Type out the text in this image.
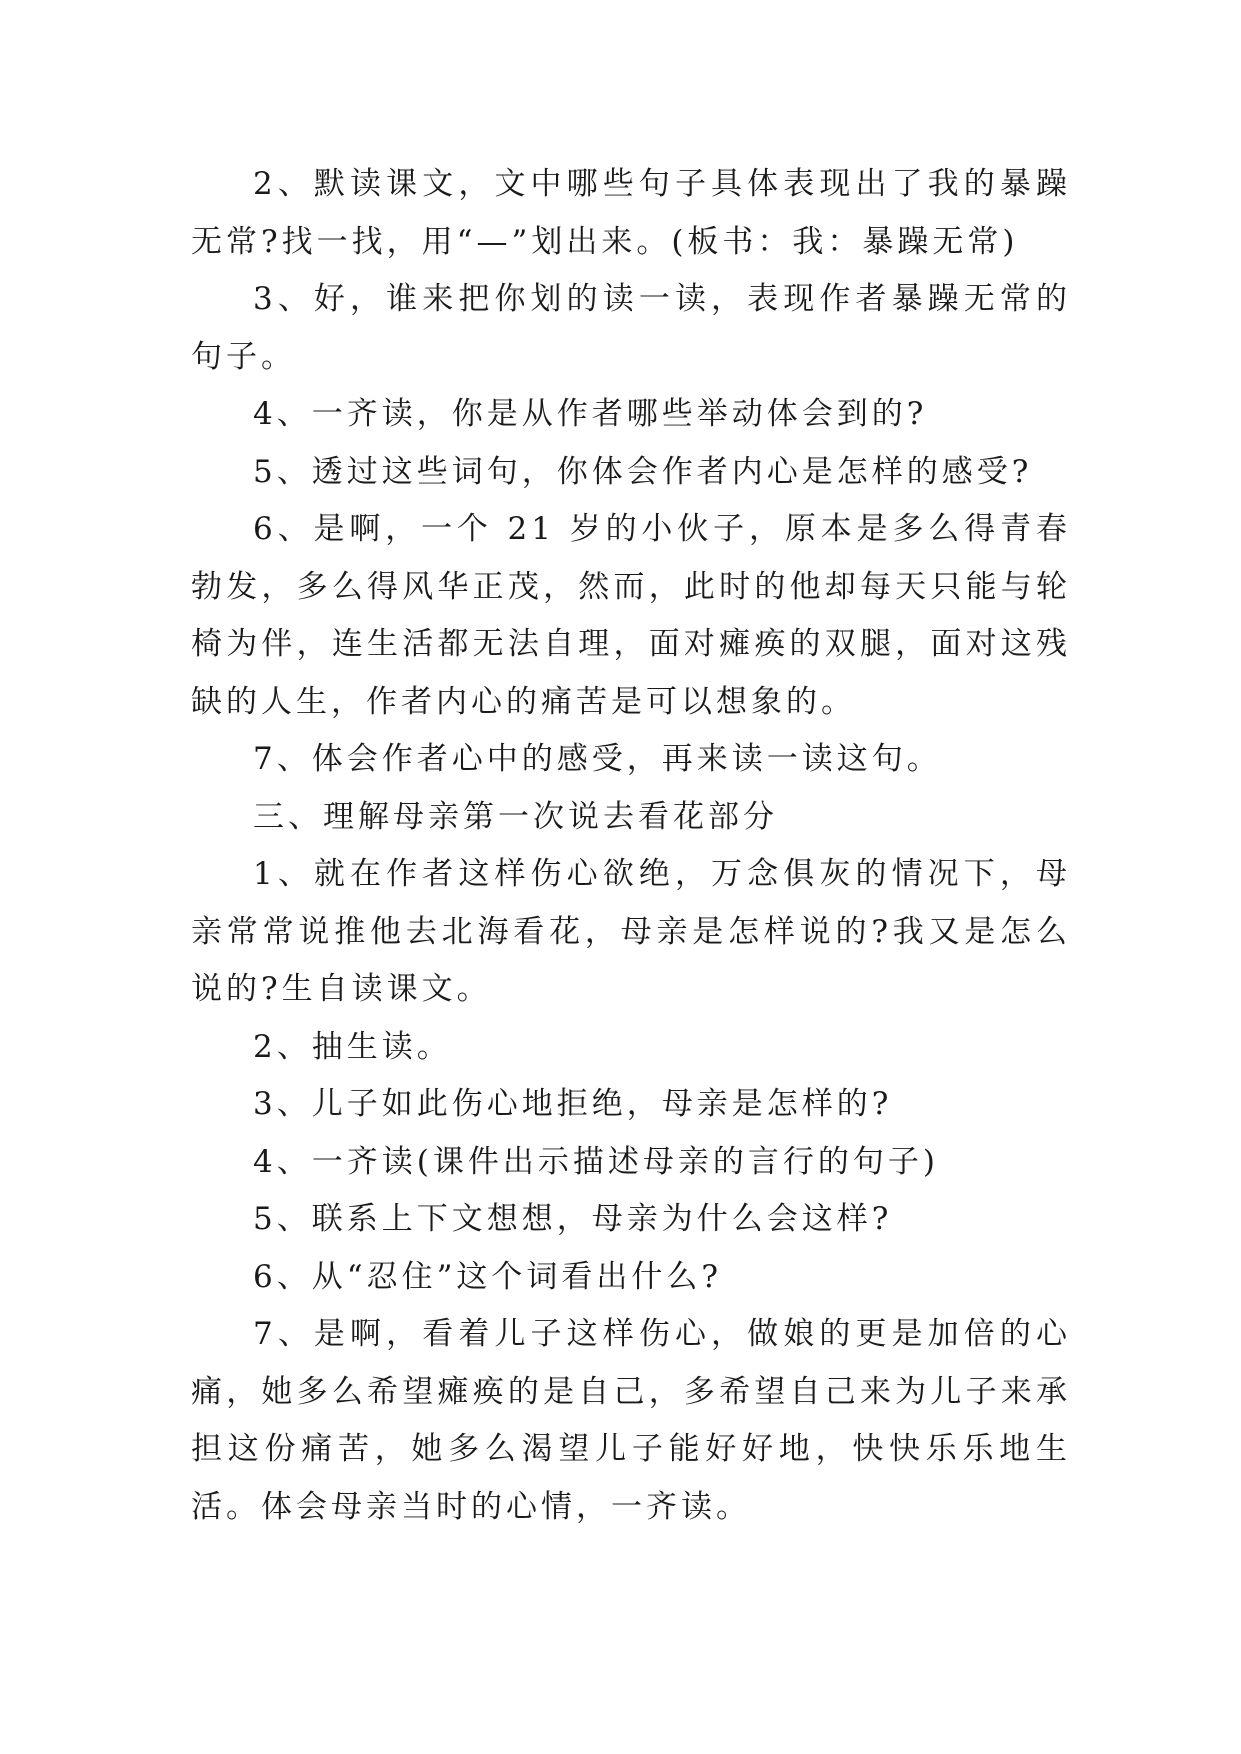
2、默读课文，文中哪些句子具体表现出了我的暴躁无常?找一找，用“—”划出来。(板书：我：暴躁无常)

3、好，谁来把你划的读一读，表现作者暴躁无常的句子。

4、一齐读，你是从作者哪些举动体会到的?

5、透过这些词句，你体会作者内心是怎样的感受?

6、是啊，一个 21 岁的小伙子，原本是多么得青春勃发，多么得风华正茂，然而，此时的他却每天只能与轮椅为伴，连生活都无法自理，面对瘫痪的双腿，面对这残缺的人生，作者内心的痛苦是可以想象的。

7、体会作者心中的感受，再来读一读这句。

三、理解母亲第一次说去看花部分

1、就在作者这样伤心欲绝，万念俱灰的情况下，母亲常常说推他去北海看花，母亲是怎样说的?我又是怎么说的?生自读课文。

2、抽生读。

3、儿子如此伤心地拒绝，母亲是怎样的?

4、一齐读(课件出示描述母亲的言行的句子)

5、联系上下文想想，母亲为什么会这样?

6、从“忍住”这个词看出什么?

7、是啊，看着儿子这样伤心，做娘的更是加倍的心痛，她多么希望瘫痪的是自己，多希望自己来为儿子来承担这份痛苦，她多么渴望儿子能好好地，快快乐乐地生活。体会母亲当时的心情，一齐读。
